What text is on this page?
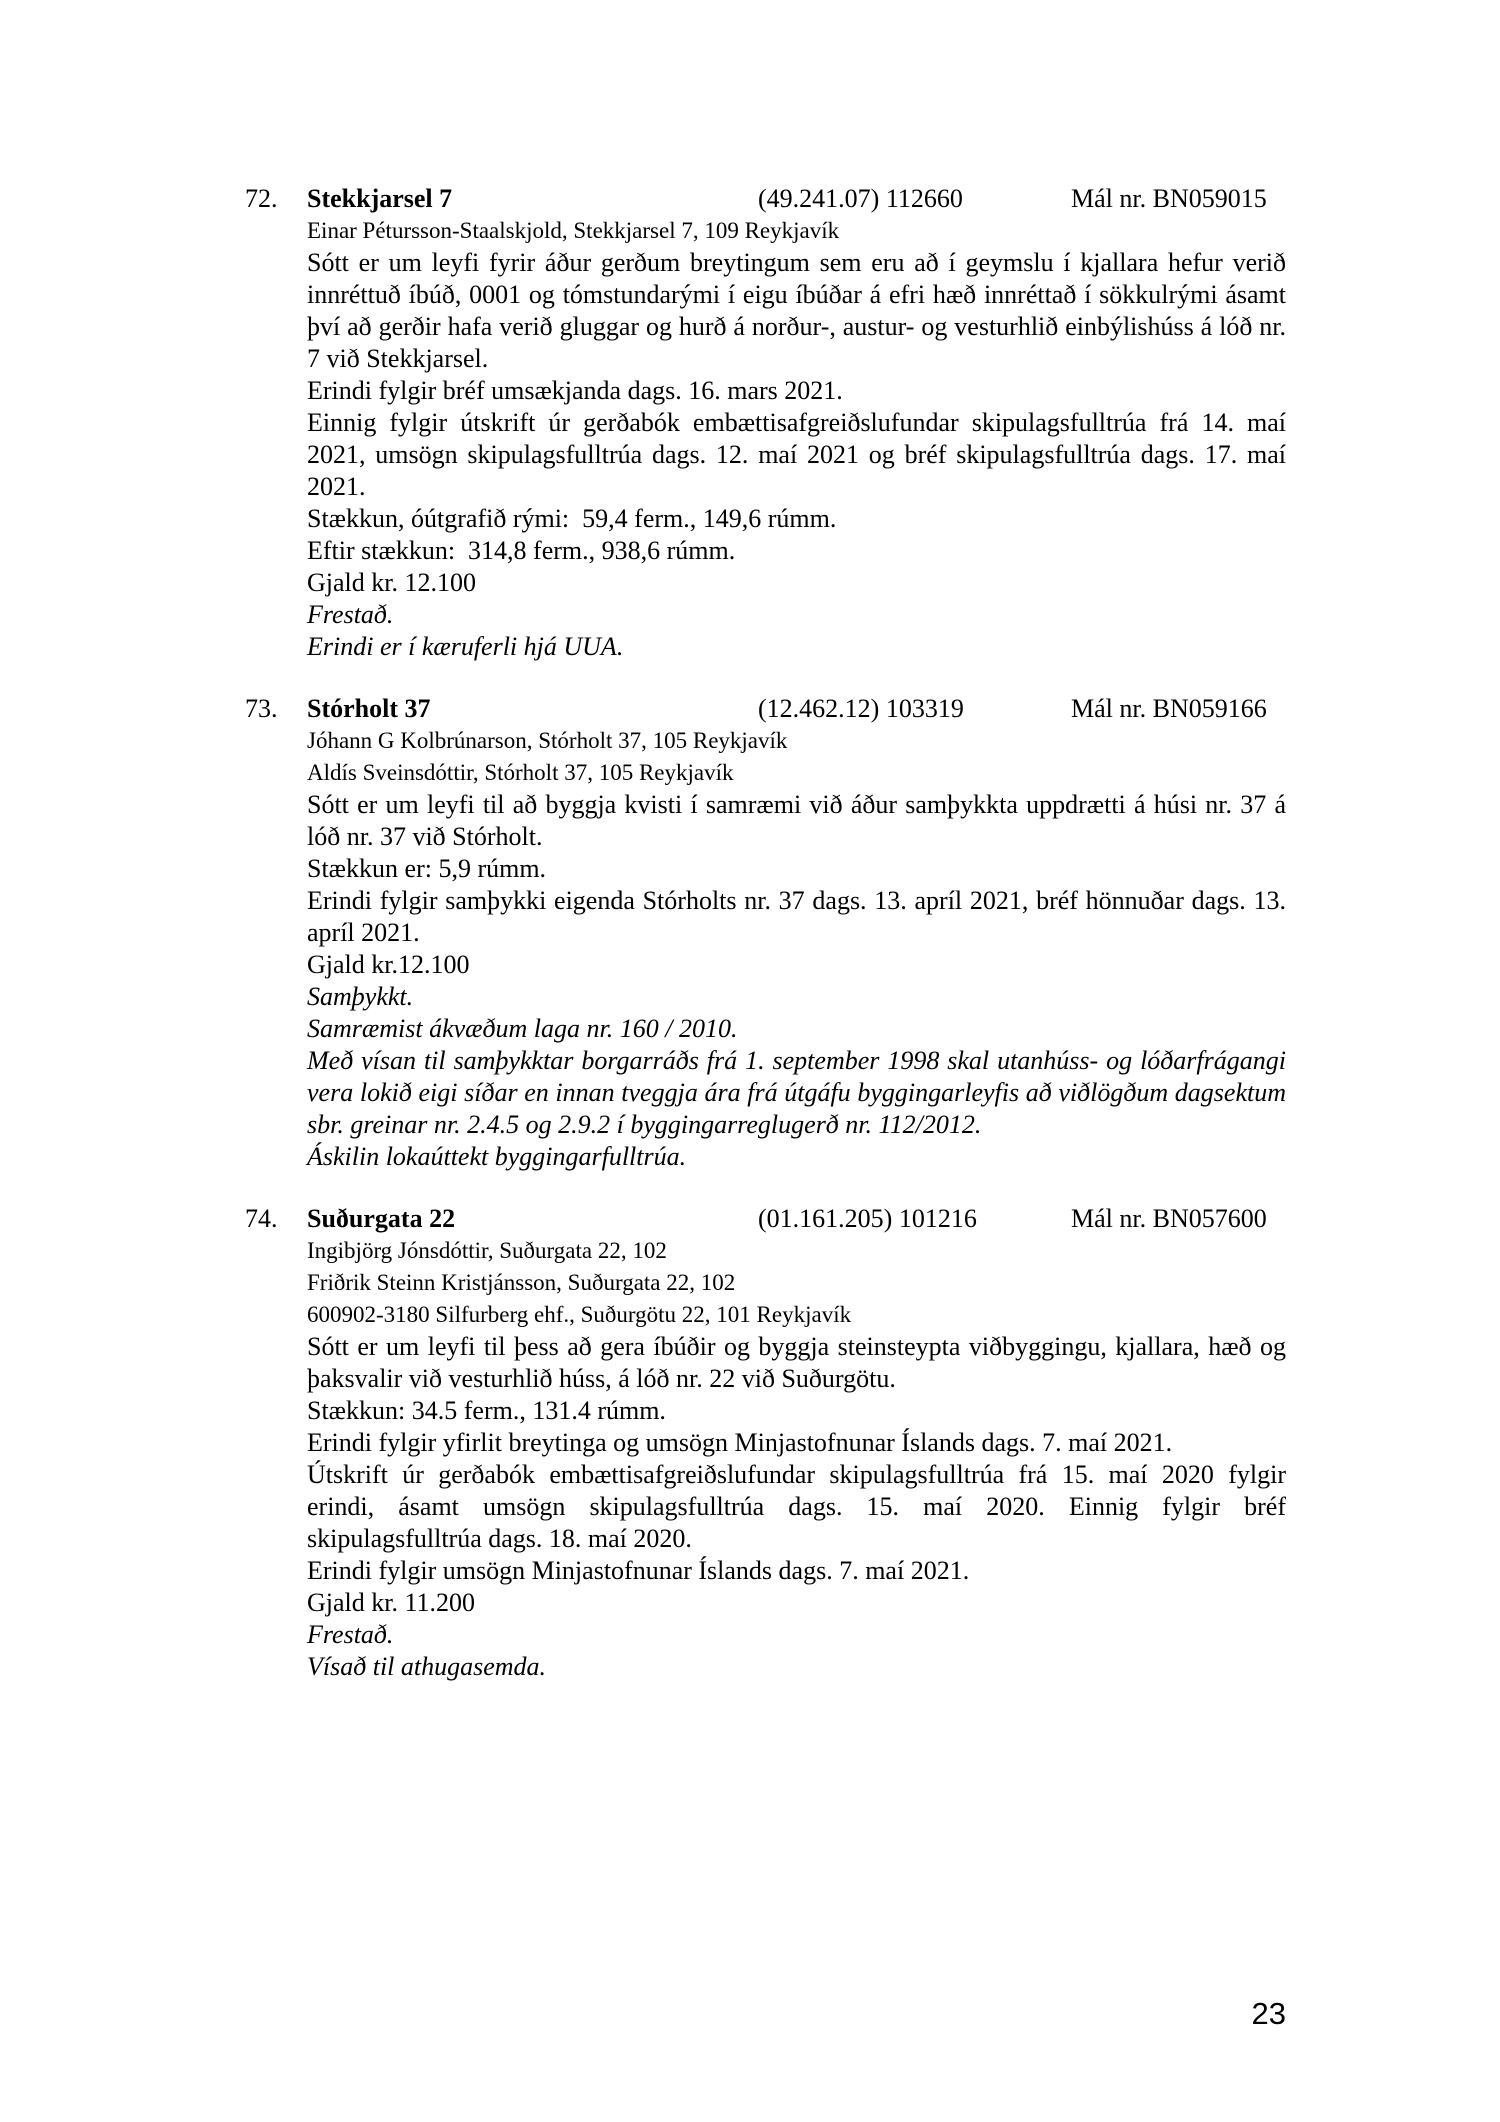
72.	Stekkjarsel 7	(49.241.07) 112660	Mál nr. BN059015

Einar Pétursson-Staalskjold, Stekkjarsel 7, 109 Reykjavík

Sótt er um leyfi fyrir áður gerðum breytingum sem eru að í geymslu í kjallara hefur verið innréttuð íbúð, 0001 og tómstundarými í eigu íbúðar á efri hæð innréttað í sökkulrými ásamt því að gerðir hafa verið gluggar og hurð á norður-, austur- og vesturhlið einbýlishúss á lóð nr. 7 við Stekkjarsel.

Erindi fylgir bréf umsækjanda dags. 16. mars 2021.

Einnig fylgir útskrift úr gerðabók embættisafgreiðslufundar skipulagsfulltrúa frá 14. maí 2021, umsögn skipulagsfulltrúa dags. 12. maí 2021 og bréf skipulagsfulltrúa dags. 17. maí 2021.

Stækkun, óútgrafið rými:  59,4 ferm., 149,6 rúmm.

Eftir stækkun:  314,8 ferm., 938,6 rúmm.

Gjald kr. 12.100

Frestað.

Erindi er í kæruferli hjá UUA.

73.	Stórholt 37	(12.462.12) 103319	Mál nr. BN059166

Jóhann G Kolbrúnarson, Stórholt 37, 105 Reykjavík

Aldís Sveinsdóttir, Stórholt 37, 105 Reykjavík

Sótt er um leyfi til að byggja kvisti í samræmi við áður samþykkta uppdrætti á húsi nr. 37 á lóð nr. 37 við Stórholt.

Stækkun er: 5,9 rúmm.

Erindi fylgir samþykki eigenda Stórholts nr. 37 dags. 13. apríl 2021, bréf hönnuðar dags. 13. apríl 2021.

Gjald kr.12.100

Samþykkt.

Samræmist ákvæðum laga nr. 160 / 2010.

Með vísan til samþykktar borgarráðs frá 1. september 1998 skal utanhúss- og lóðarfrágangi vera lokið eigi síðar en innan tveggja ára frá útgáfu byggingarleyfis að viðlögðum dagsektum sbr. greinar nr. 2.4.5 og 2.9.2 í byggingarreglugerð nr. 112/2012.

Áskilin lokaúttekt byggingarfulltrúa.

74.	Suðurgata 22	(01.161.205) 101216	Mál nr. BN057600

Ingibjörg Jónsdóttir, Suðurgata 22, 102

Friðrik Steinn Kristjánsson, Suðurgata 22, 102

600902-3180 Silfurberg ehf., Suðurgötu 22, 101 Reykjavík

Sótt er um leyfi til þess að gera íbúðir og byggja steinsteypta viðbyggingu, kjallara, hæð og þaksvalir við vesturhlið húss, á lóð nr. 22 við Suðurgötu.

Stækkun: 34.5 ferm., 131.4 rúmm.

Erindi fylgir yfirlit breytinga og umsögn Minjastofnunar Íslands dags. 7. maí 2021.

Útskrift úr gerðabók embættisafgreiðslufundar skipulagsfulltrúa frá 15. maí 2020 fylgir erindi, ásamt umsögn skipulagsfulltrúa dags. 15. maí 2020. Einnig fylgir bréf skipulagsfulltrúa dags. 18. maí 2020.

Erindi fylgir umsögn Minjastofnunar Íslands dags. 7. maí 2021.

Gjald kr. 11.200

Frestað.

Vísað til athugasemda.

23
